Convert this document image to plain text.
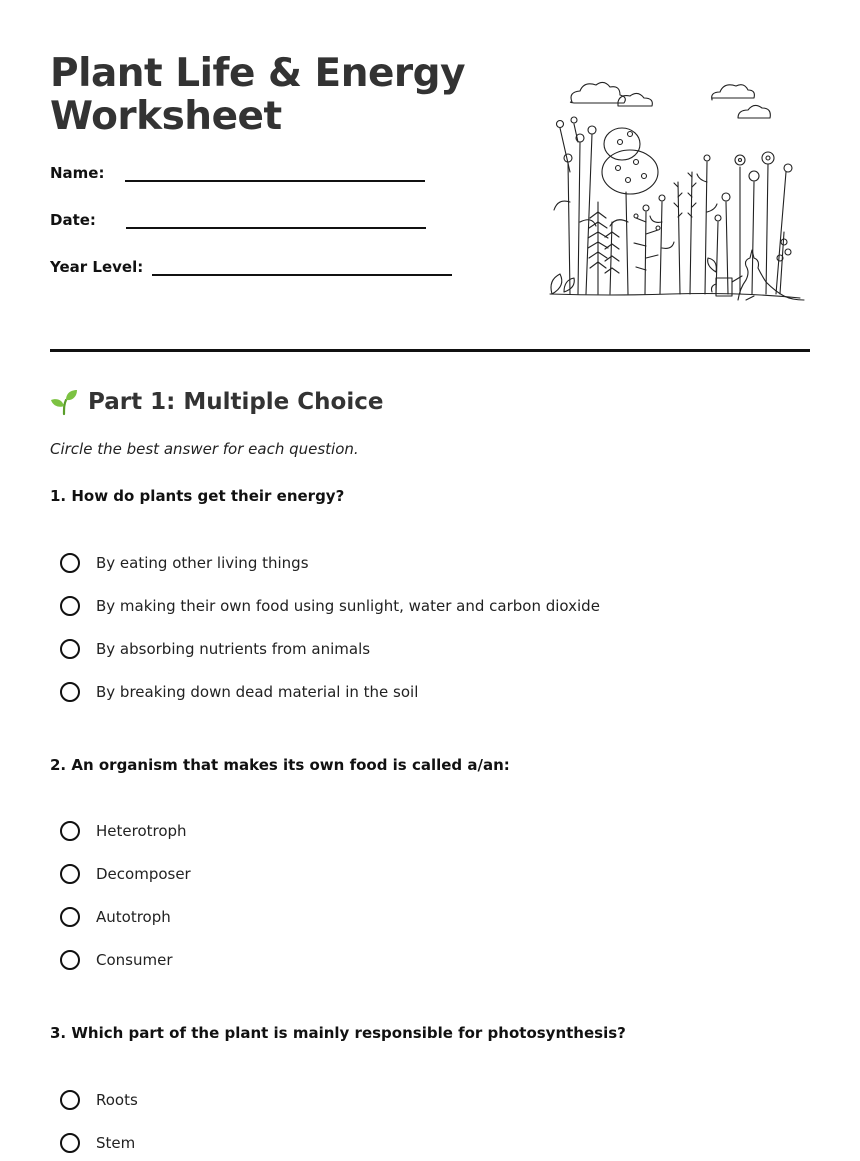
Plant Life & Energy
Worksheet
Name:
Date:
Year Level:
Part 1: Multiple Choice
Circle the best answer for each question.
1. How do plants get their energy?
By eating other living things
By making their own food using sunlight, water and carbon dioxide
By absorbing nutrients from animals
By breaking down dead material in the soil
2. An organism that makes its own food is called a/an:
Heterotroph
Decomposer
Autotroph
Consumer
3. Which part of the plant is mainly responsible for photosynthesis?
Roots
Stem
